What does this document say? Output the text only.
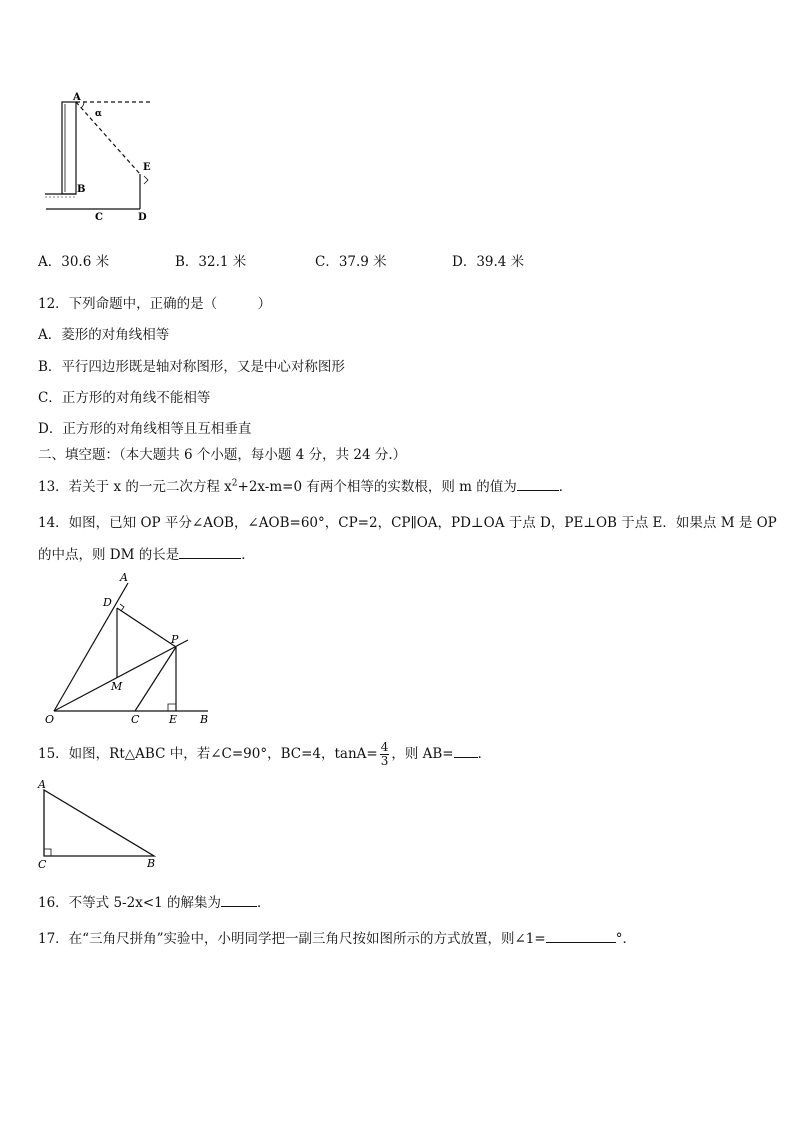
A
α
E
B
C	D
A．30.6 米	B．32.1 米	C．37.9 米	D．39.4 米
12．下列命题中，正确的是（　　　）
A．菱形的对角线相等
B．平行四边形既是轴对称图形，又是中心对称图形
C．正方形的对角线不能相等
D．正方形的对角线相等且互相垂直
二、填空题：（本大题共 6 个小题，每小题 4 分，共 24 分.）
13．若关于 x 的一元二次方程 $x^2+2x-m=0$ 有两个相等的实数根，则 m 的值为	．
14．如图，已知 OP 平分∠AOB，∠AOB=60°，CP=2，CP∥OA，PD⊥OA 于点 D，PE⊥OB 于点 E．如果点 M 是 OP
的中点，则 DM 的长是	．
A
D
P
M
O	C	E B
15．如图，Rt△ABC 中，若∠C=90°，BC=4，$\tan A= \frac{4}{3}$ ，则 AB= ．
A
C	B
16．不等式 5-2x<1 的解集为	．
17．在“三角尺拼角”实验中，小明同学把一副三角尺按如图所示的方式放置，则∠1=	°．
